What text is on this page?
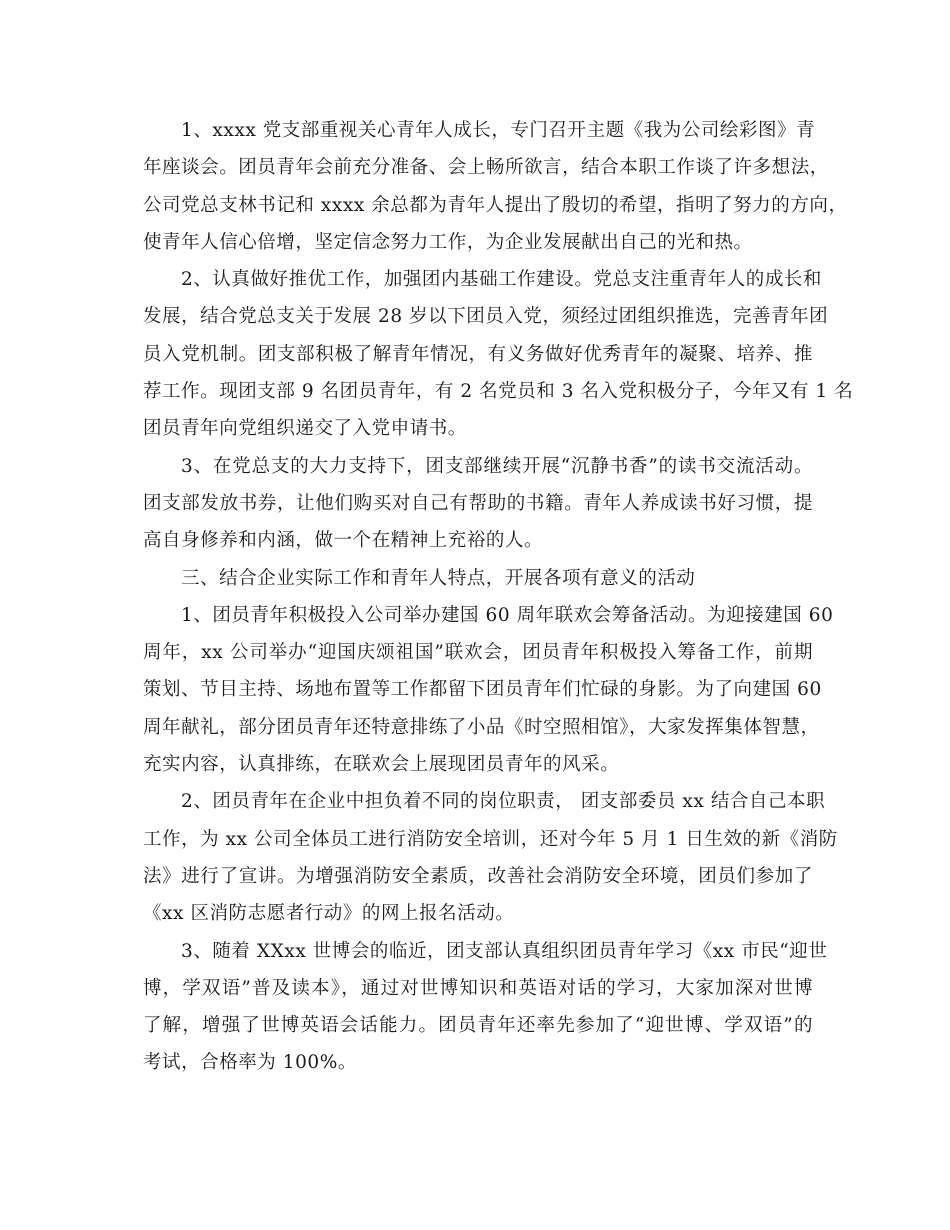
1、xxxx 党支部重视关心青年人成长，专门召开主题《我为公司绘彩图》青
年座谈会。团员青年会前充分准备、会上畅所欲言，结合本职工作谈了许多想法，
公司党总支林书记和 xxxx 余总都为青年人提出了殷切的希望，指明了努力的方向，
使青年人信心倍增，坚定信念努力工作，为企业发展献出自己的光和热。
2、认真做好推优工作，加强团内基础工作建设。党总支注重青年人的成长和
发展，结合党总支关于发展 28 岁以下团员入党，须经过团组织推选，完善青年团
员入党机制。团支部积极了解青年情况，有义务做好优秀青年的凝聚、培养、推
荐工作。现团支部 9 名团员青年，有 2 名党员和 3 名入党积极分子，今年又有 1 名
团员青年向党组织递交了入党申请书。
3、在党总支的大力支持下，团支部继续开展“沉静书香”的读书交流活动。
团支部发放书券，让他们购买对自己有帮助的书籍。青年人养成读书好习惯，提
高自身修养和内涵，做一个在精神上充裕的人。
三、结合企业实际工作和青年人特点，开展各项有意义的活动
1、团员青年积极投入公司举办建国 60 周年联欢会筹备活动。为迎接建国 60
周年，xx 公司举办“迎国庆颂祖国”联欢会，团员青年积极投入筹备工作，前期
策划、节目主持、场地布置等工作都留下团员青年们忙碌的身影。为了向建国 60
周年献礼，部分团员青年还特意排练了小品《时空照相馆》，大家发挥集体智慧，
充实内容，认真排练，在联欢会上展现团员青年的风采。
2、团员青年在企业中担负着不同的岗位职责， 团支部委员 xx 结合自己本职
工作，为 xx 公司全体员工进行消防安全培训，还对今年 5 月 1 日生效的新《消防
法》进行了宣讲。为增强消防安全素质，改善社会消防安全环境，团员们参加了
《xx 区消防志愿者行动》的网上报名活动。
3、随着 XXxx 世博会的临近，团支部认真组织团员青年学习《xx 市民“迎世
博，学双语”普及读本》，通过对世博知识和英语对话的学习，大家加深对世博
了解，增强了世博英语会话能力。团员青年还率先参加了“迎世博、学双语”的
考试，合格率为 100%。
